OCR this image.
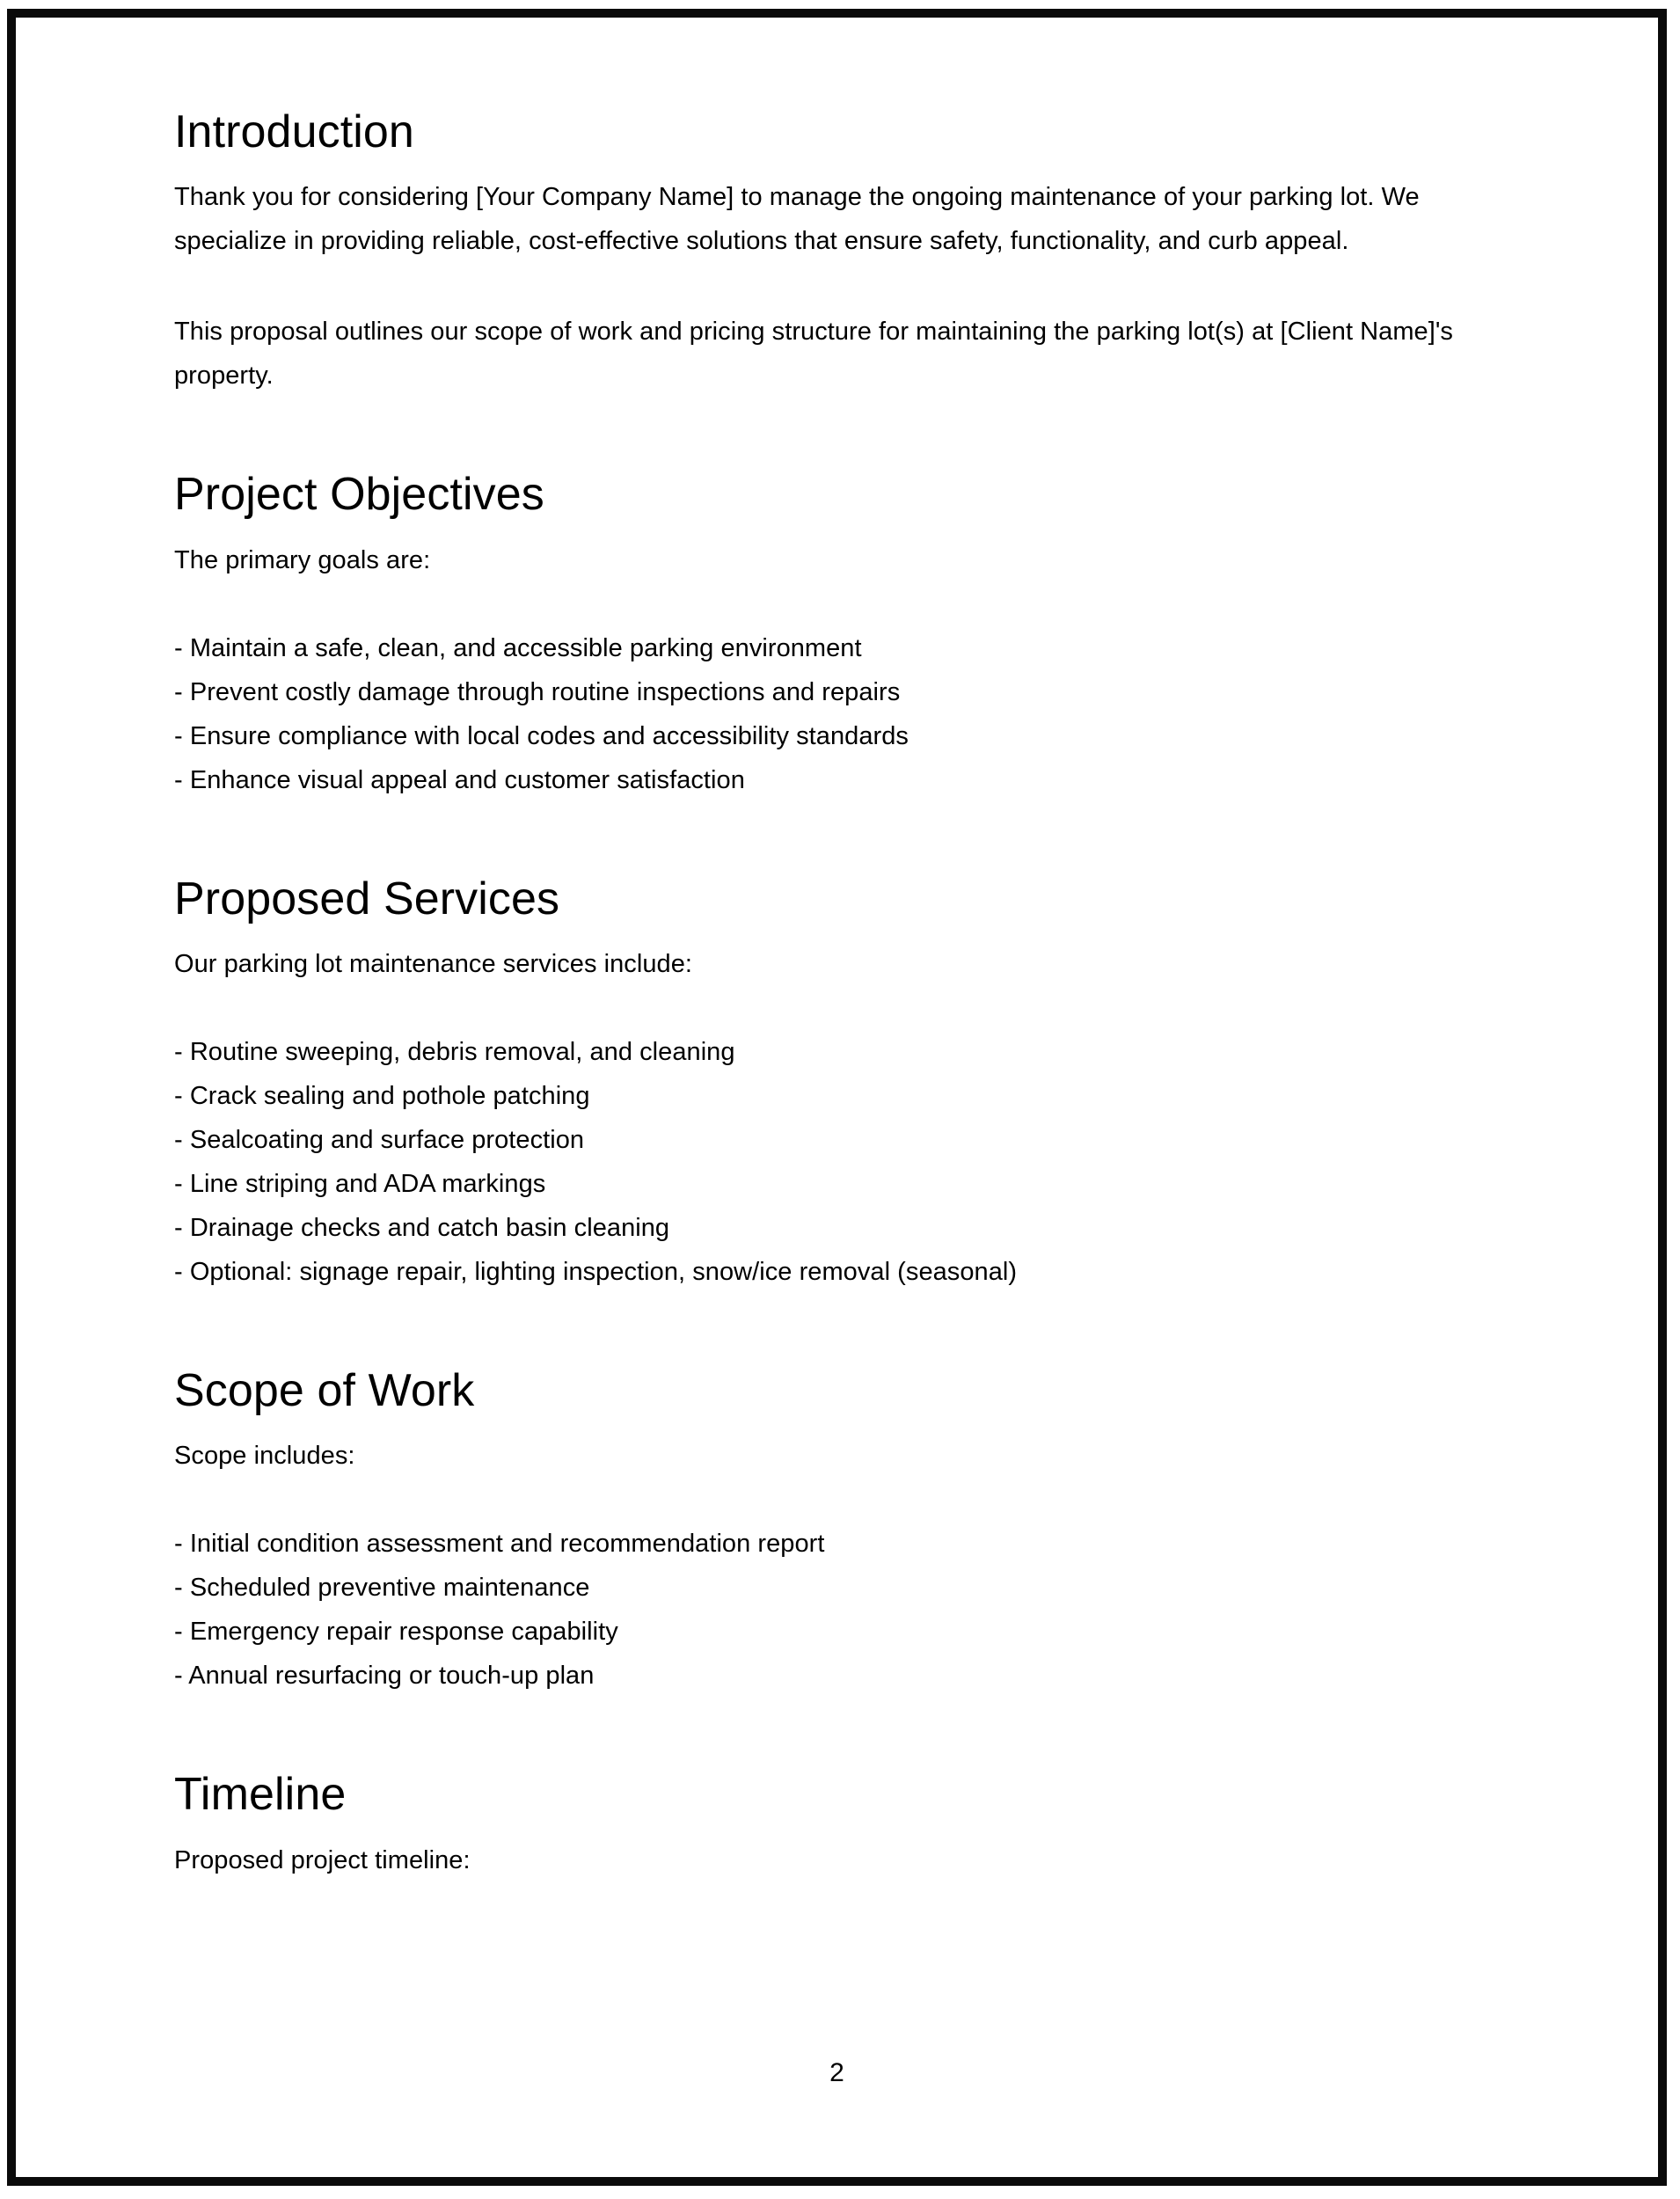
Introduction

Thank you for considering [Your Company Name] to manage the ongoing maintenance of your parking lot. We specialize in providing reliable, cost-effective solutions that ensure safety, functionality, and curb appeal.

This proposal outlines our scope of work and pricing structure for maintaining the parking lot(s) at [Client Name]'s property.

Project Objectives

The primary goals are:

- Maintain a safe, clean, and accessible parking environment
- Prevent costly damage through routine inspections and repairs
- Ensure compliance with local codes and accessibility standards
- Enhance visual appeal and customer satisfaction
Proposed Services

Our parking lot maintenance services include:

- Routine sweeping, debris removal, and cleaning
- Crack sealing and pothole patching
- Sealcoating and surface protection
- Line striping and ADA markings
- Drainage checks and catch basin cleaning
- Optional: signage repair, lighting inspection, snow/ice removal (seasonal)
Scope of Work

Scope includes:

- Initial condition assessment and recommendation report
- Scheduled preventive maintenance
- Emergency repair response capability
- Annual resurfacing or touch-up plan
Timeline

Proposed project timeline:

2
